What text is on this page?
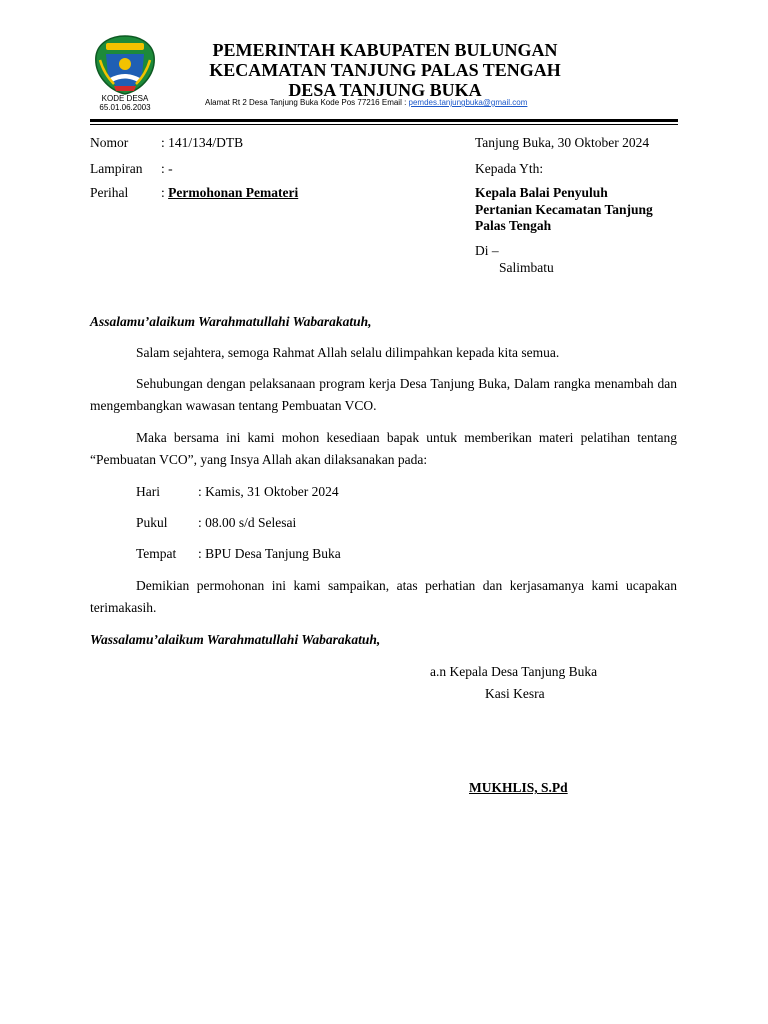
KODE DESA
65.01.06.2003
PEMERINTAH KABUPATEN BULUNGAN
KECAMATAN TANJUNG PALAS TENGAH
DESA TANJUNG BUKA
Alamat Rt 2 Desa Tanjung Buka Kode Pos 77216 Email : pemdes.tanjungbuka@gmail.com
Nomor : 141/134/DTB
Lampiran : -
Perihal : Permohonan Pemateri
Tanjung Buka, 30 Oktober 2024
Kepada Yth:
Kepala Balai Penyuluh
Pertanian Kecamatan Tanjung
Palas Tengah
Di –
Salimbatu
Assalamu’alaikum Warahmatullahi Wabarakatuh,
Salam sejahtera, semoga Rahmat Allah selalu dilimpahkan kepada kita semua.
Sehubungan dengan pelaksanaan program kerja Desa Tanjung Buka, Dalam rangka menambah dan mengembangkan wawasan tentang Pembuatan VCO.
Maka bersama ini kami mohon kesediaan bapak untuk memberikan materi pelatihan tentang “Pembuatan VCO”, yang Insya Allah akan dilaksanakan pada:
Hari	: Kamis, 31 Oktober 2024
Pukul : 08.00 s/d Selesai
Tempat : BPU Desa Tanjung Buka
Demikian permohonan ini kami sampaikan, atas perhatian dan kerjasamanya kami ucapakan terimakasih.
Wassalamu’alaikum Warahmatullahi Wabarakatuh,
a.n Kepala Desa Tanjung Buka
Kasi Kesra
MUKHLIS, S.Pd
